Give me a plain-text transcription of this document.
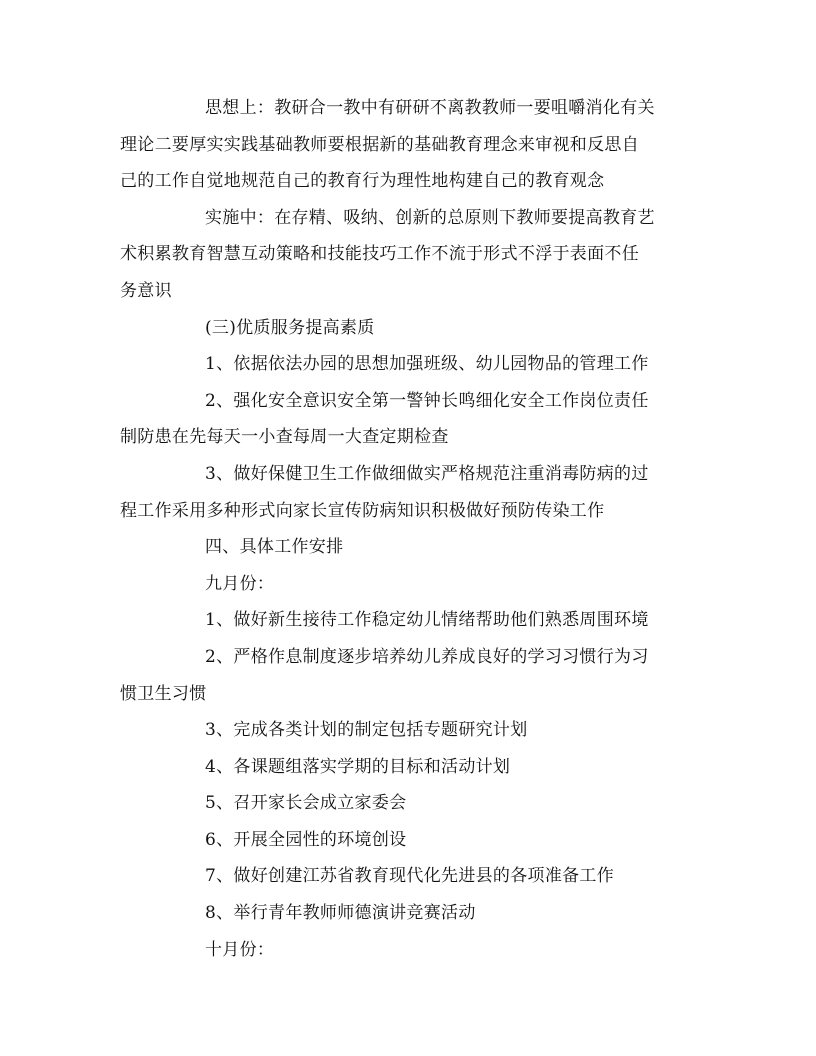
思想上：教研合一教中有研研不离教教师一要咀嚼消化有关
理论二要厚实实践基础教师要根据新的基础教育理念来审视和反思自
己的工作自觉地规范自己的教育行为理性地构建自己的教育观念
实施中：在存精、吸纳、创新的总原则下教师要提高教育艺
术积累教育智慧互动策略和技能技巧工作不流于形式不浮于表面不任
务意识
(三)优质服务提高素质
1、依据依法办园的思想加强班级、幼儿园物品的管理工作
2、强化安全意识安全第一警钟长鸣细化安全工作岗位责任
制防患在先每天一小查每周一大查定期检查
3、做好保健卫生工作做细做实严格规范注重消毒防病的过
程工作采用多种形式向家长宣传防病知识积极做好预防传染工作
四、具体工作安排
九月份：
1、做好新生接待工作稳定幼儿情绪帮助他们熟悉周围环境
2、严格作息制度逐步培养幼儿养成良好的学习习惯行为习
惯卫生习惯
3、完成各类计划的制定包括专题研究计划
4、各课题组落实学期的目标和活动计划
5、召开家长会成立家委会
6、开展全园性的环境创设
7、做好创建江苏省教育现代化先进县的各项准备工作
8、举行青年教师师德演讲竞赛活动
十月份：
